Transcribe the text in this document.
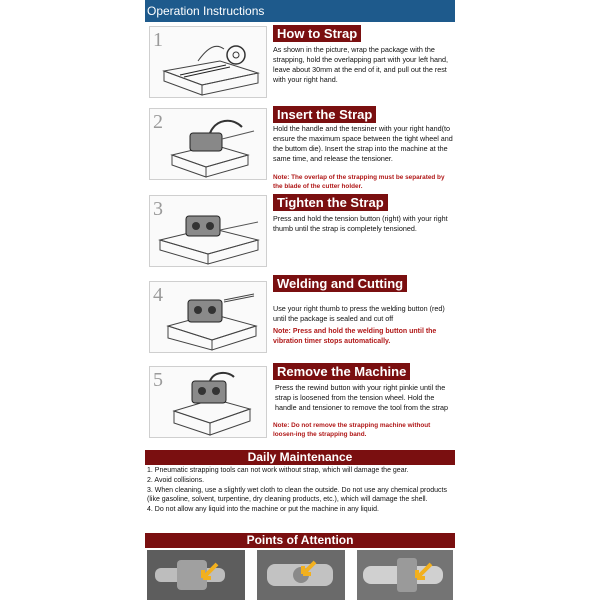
Operation Instructions
1	How to Strap
As shown in the picture, wrap the package with the strapping, hold the overlapping part with your left hand, leave about 30mm at the end of it, and pull out the rest with your right hand.
2	Insert the Strap
Hold the handle and the tensiner with your right hand(to ensure the maximum space between the tight wheel and the buttom die). Insert the strap into the machine at the same time, and release the tensioner.
Note: The overlap of the strapping must be separated by the blade of the cutter holder.
3	Tighten the Strap
Press and hold the tension button (right) with your right thumb until the strap is completely tensioned.
4
Welding and Cutting
Use your right thumb to press the welding button (red) until the package is sealed and cut off
Note: Press and hold the welding button until the vibration timer stops automatically.
5	Remove the Machine
Press the rewind button with your right pinkie until the strap is loosened from the tension wheel. Hold the handle and tensioner to remove the tool from the strap
Note: Do not remove the strapping machine without loosen-ing the strapping band.
Daily Maintenance
1. Pneumatic strapping tools can not work without strap, which will damage the gear.
2. Avoid collisions.
3. When cleaning, use a slightly wet cloth to clean the outside. Do not use any chemical products (like gasoline, solvent, turpentine, dry cleaning products, etc.), which will damage the shell.
4. Do not allow any liquid into the machine or put the machine in any liquid.
Points of Attention
